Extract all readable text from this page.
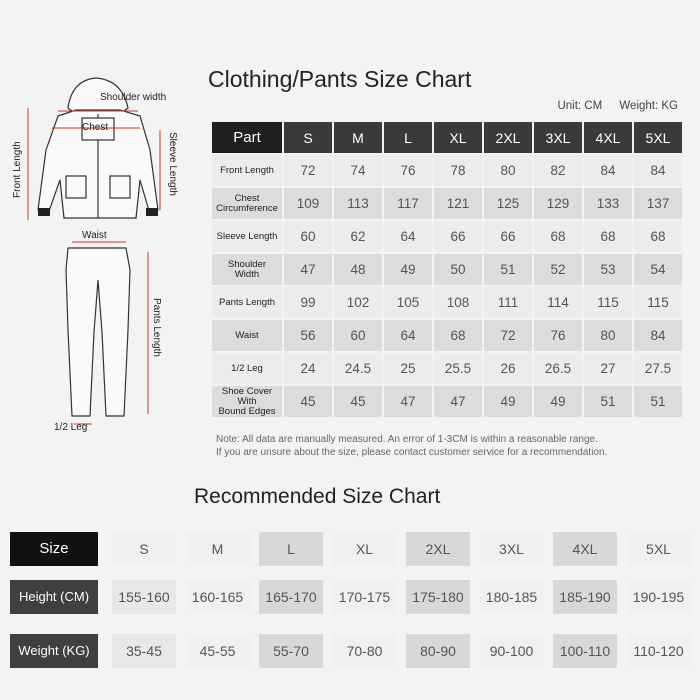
Shoulder width
Chest
Front Length	Sleeve Length
Waist
Pants Length
1/2 Leg
Clothing/Pants Size Chart
Unit: CM Weight: KG
Part	S	M	L	XL	2XL	3XL	4XL	5XL

Front Length	72	74	76	78	80	82	84	84

Chest
Circumference	109	113	117	121	125	129	133	137

Sleeve Length	60	62	64	66	66	68	68	68

Shoulder
Width	47	48	49	50	51	52	53	54

Pants Length	99	102	105	108	111	114	115	115

Waist	56	60	64	68	72	76	80	84

1/2 Leg	24	24.5	25	25.5	26	26.5	27	27.5

Shoe Cover With
Bound Edges	45	45	47	47	49	49	51	51
Note: All data are manually measured. An error of 1-3CM is within a reasonable range.
If you are unsure about the size, please contact customer service for a recommendation.
Recommended Size Chart
Size	S	M	L	XL	2XL	3XL	4XL	5XL
Height (CM)	155-160	160-165	165-170	170-175	175-180	180-185	185-190	190-195
Weight (KG)	35-45	45-55	55-70	70-80	80-90	90-100	100-110	110-120
